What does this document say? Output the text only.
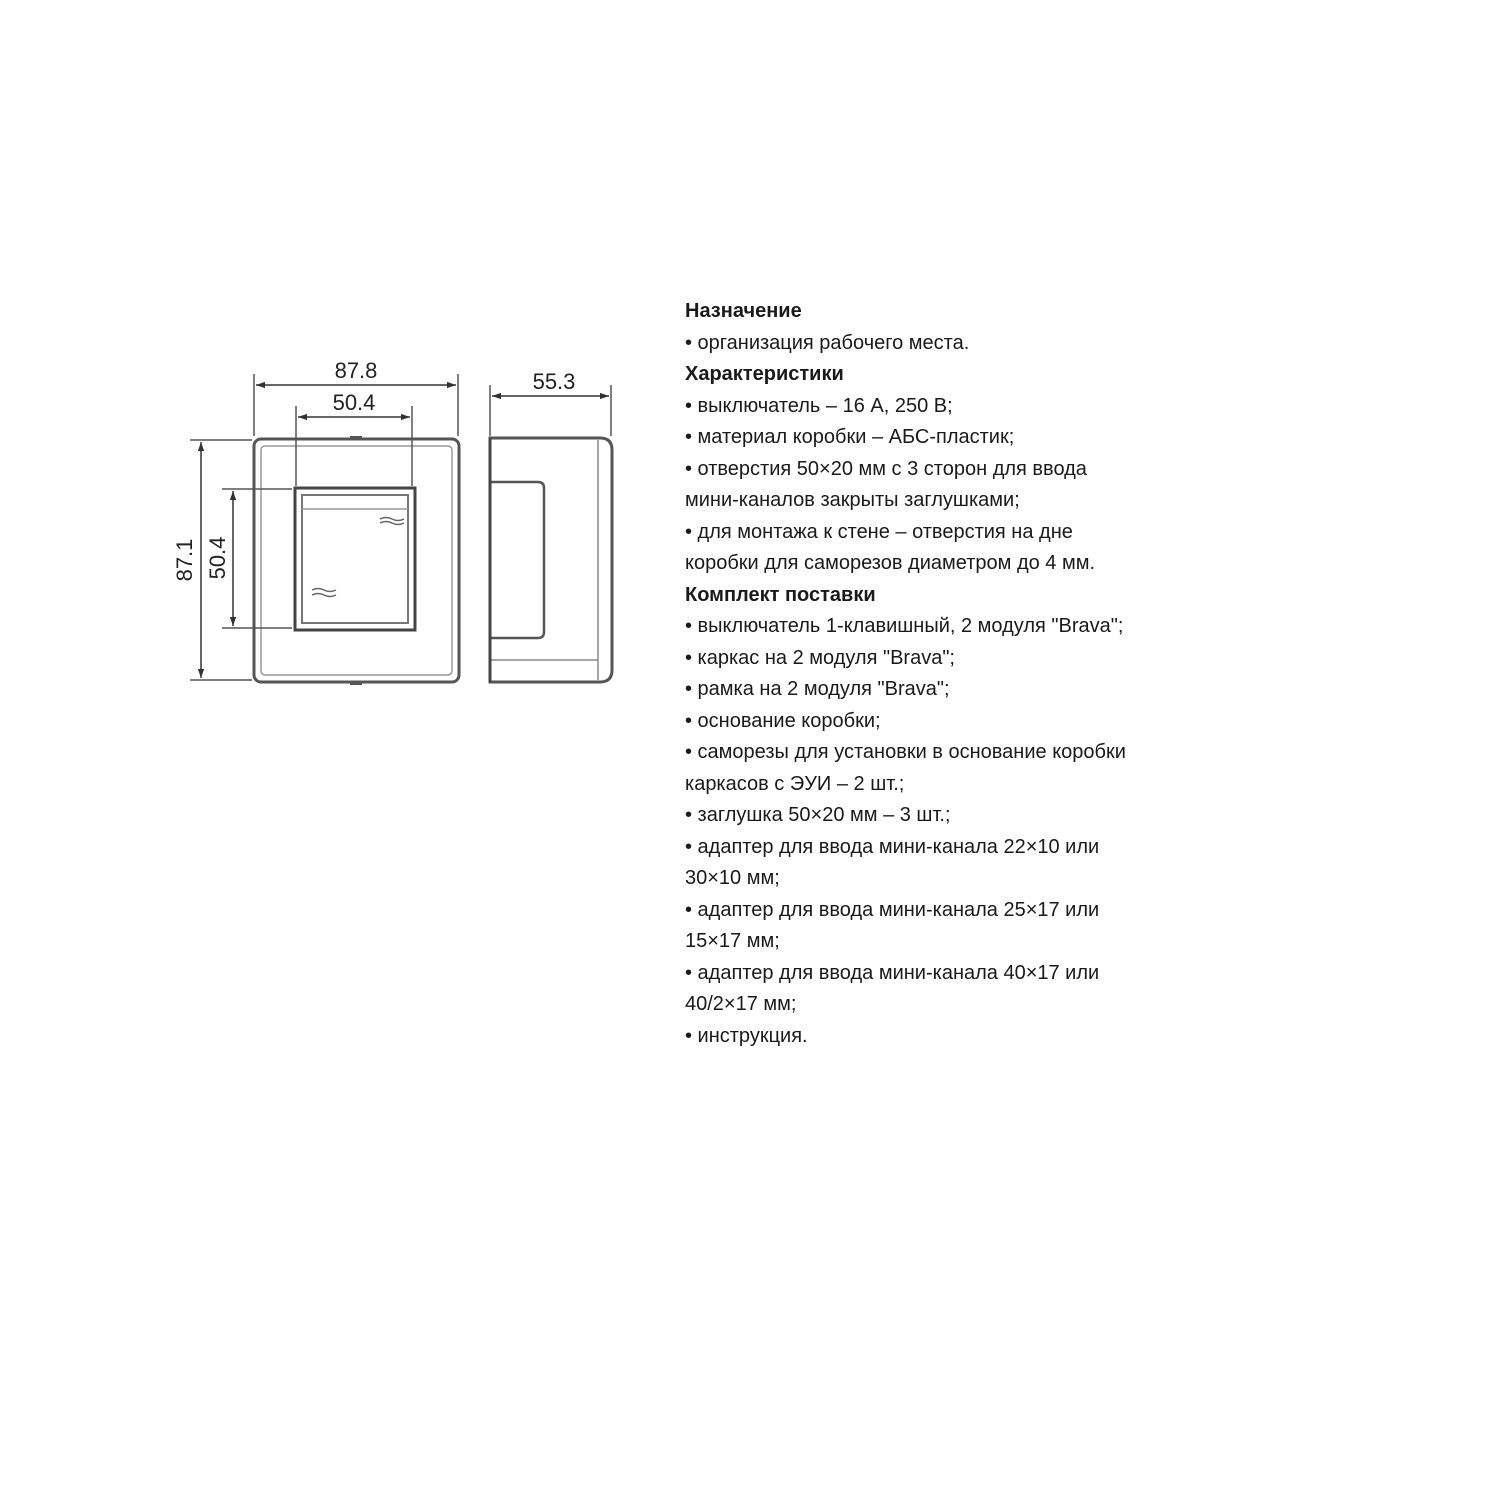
87.8
50.4
87.1 50.4
55.3
Назначение
• организация рабочего места.
Характеристики
• выключатель – 16 А, 250 В;
• материал коробки – АБС-пластик;
• отверстия 50×20 мм с 3 сторон для ввода
мини-каналов закрыты заглушками;
• для монтажа к стене – отверстия на дне
коробки для саморезов диаметром до 4 мм.
Комплект поставки
• выключатель 1-клавишный, 2 модуля "Brava";
• каркас на 2 модуля "Brava";
• рамка на 2 модуля "Brava";
• основание коробки;
• саморезы для установки в основание коробки
каркасов с ЭУИ – 2 шт.;
• заглушка 50×20 мм – 3 шт.;
• адаптер для ввода мини-канала 22×10 или
30×10 мм;
• адаптер для ввода мини-канала 25×17 или
15×17 мм;
• адаптер для ввода мини-канала 40×17 или
40/2×17 мм;
• инструкция.
